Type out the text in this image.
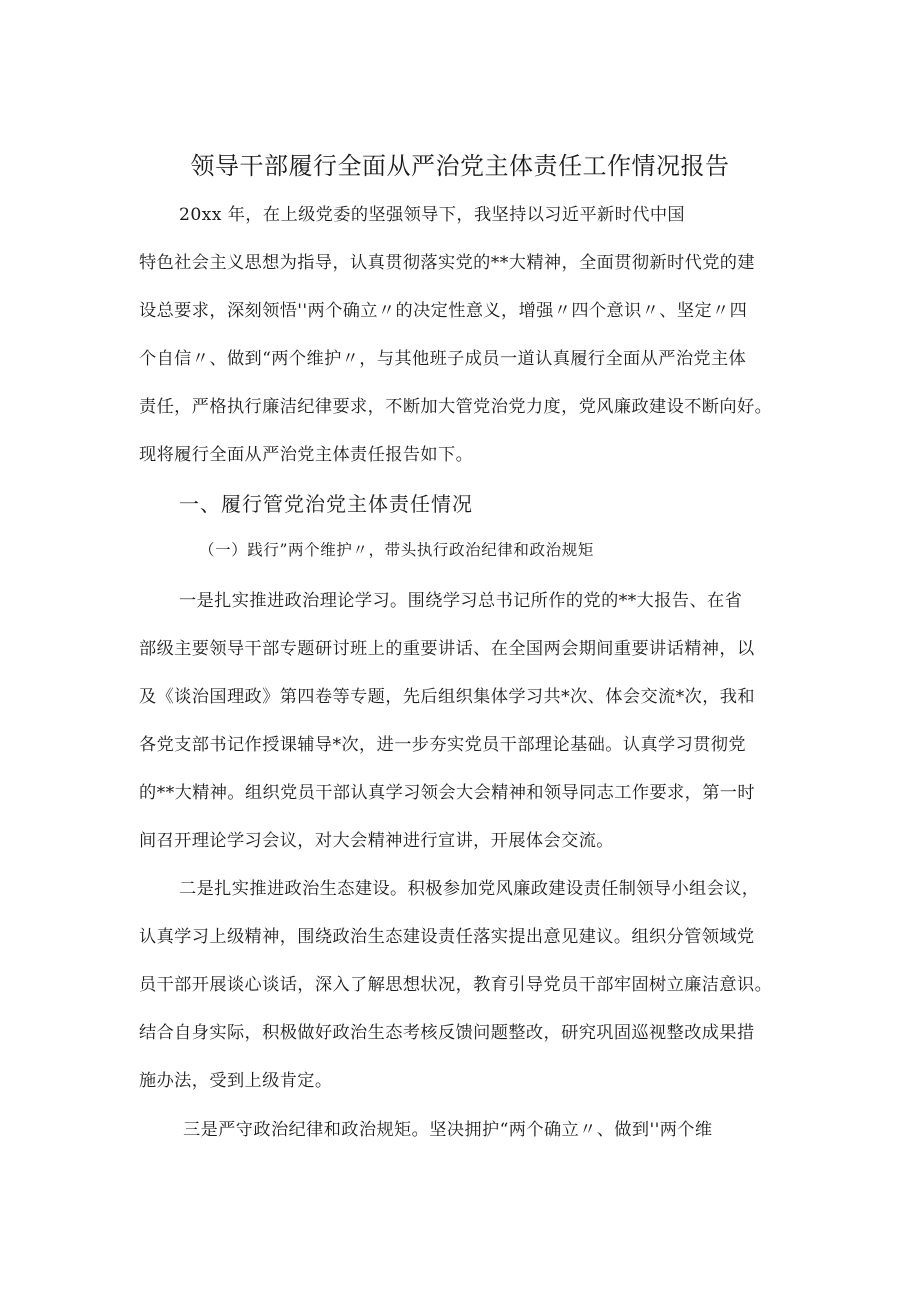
领导干部履行全面从严治党主体责任工作情况报告
20xx 年，在上级党委的坚强领导下，我坚持以习近平新时代中国
特色社会主义思想为指导，认真贯彻落实党的**大精神，全面贯彻新时代党的建
设总要求，深刻领悟''两个确立〃的决定性意义，增强〃四个意识〃、坚定〃四
个自信〃、做到“两个维护〃，与其他班子成员一道认真履行全面从严治党主体
责任，严格执行廉洁纪律要求，不断加大管党治党力度，党风廉政建设不断向好。
现将履行全面从严治党主体责任报告如下。
一、履行管党治党主体责任情况
（一）践行”两个维护〃，带头执行政治纪律和政治规矩
一是扎实推进政治理论学习。围绕学习总书记所作的党的**大报告、在省
部级主要领导干部专题研讨班上的重要讲话、在全国两会期间重要讲话精神，以
及《谈治国理政》第四卷等专题，先后组织集体学习共*次、体会交流*次，我和
各党支部书记作授课辅导*次，进一步夯实党员干部理论基础。认真学习贯彻党
的**大精神。组织党员干部认真学习领会大会精神和领导同志工作要求，第一时
间召开理论学习会议，对大会精神进行宣讲，开展体会交流。
二是扎实推进政治生态建设。积极参加党风廉政建设责任制领导小组会议，
认真学习上级精神，围绕政治生态建设责任落实提出意见建议。组织分管领域党
员干部开展谈心谈话，深入了解思想状况，教育引导党员干部牢固树立廉洁意识。
结合自身实际，积极做好政治生态考核反馈问题整改，研究巩固巡视整改成果措
施办法，受到上级肯定。
三是严守政治纪律和政治规矩。坚决拥护“两个确立〃、做到''两个维
